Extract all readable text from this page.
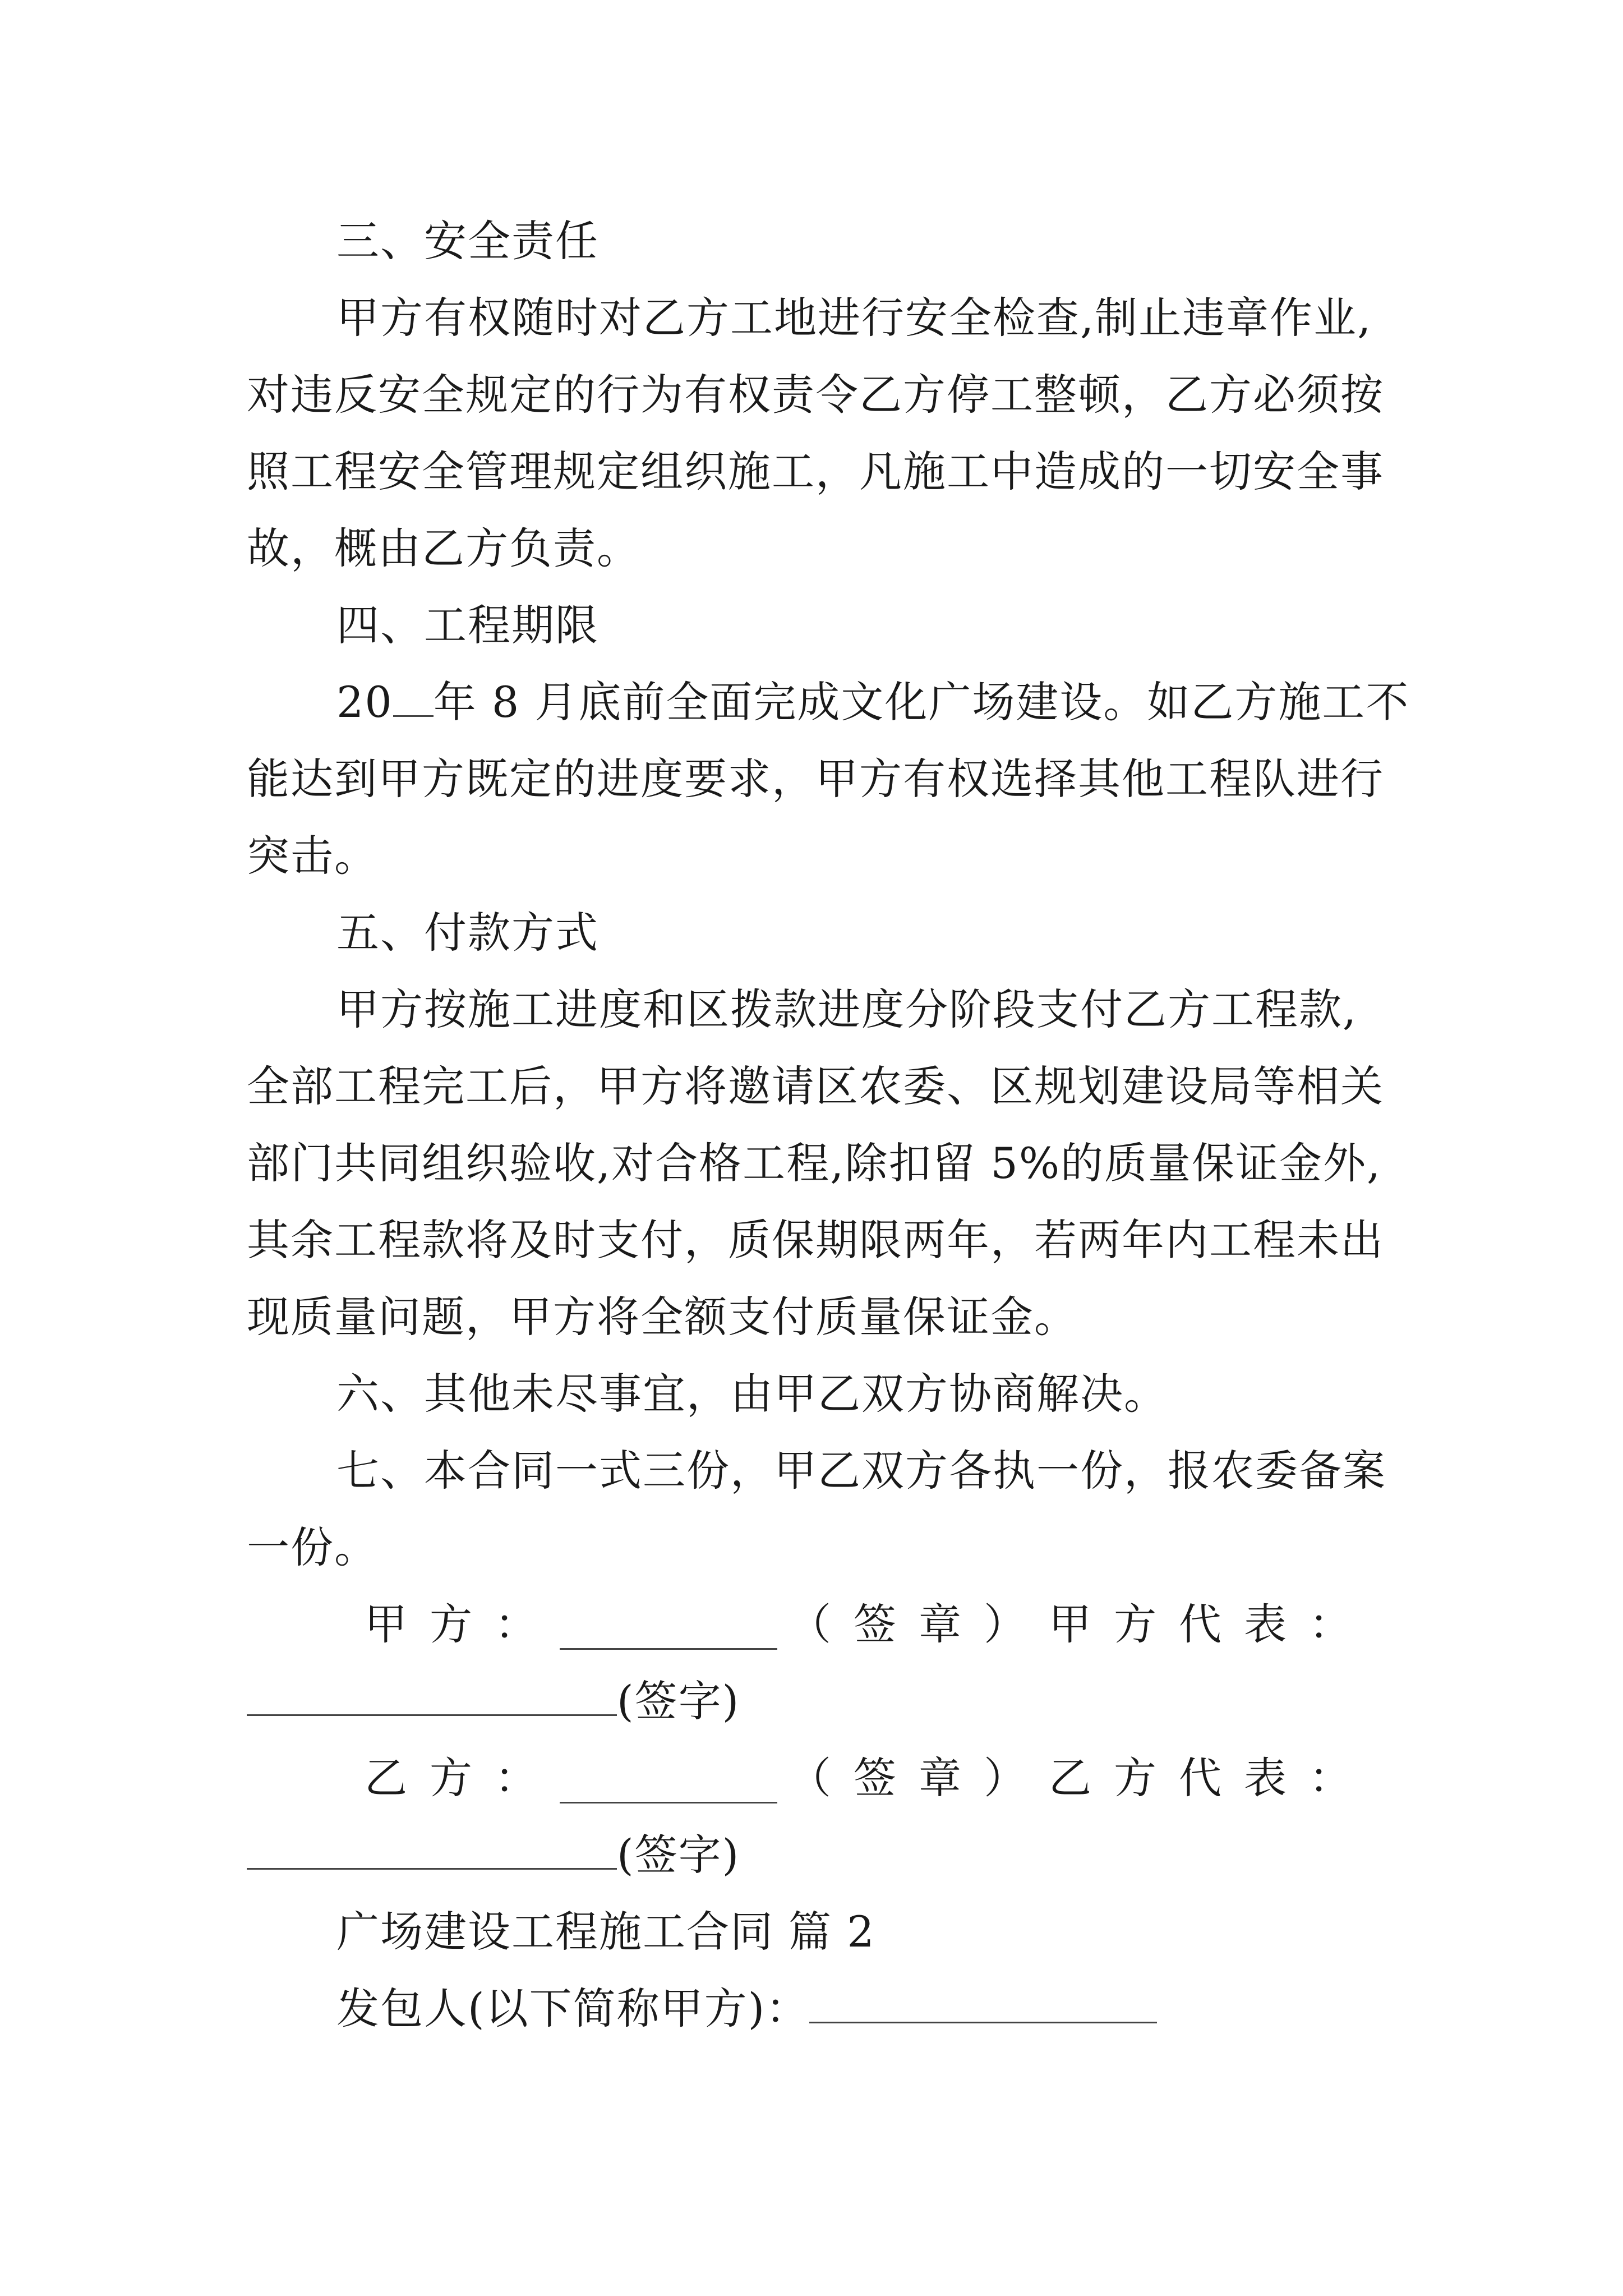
三、安全责任
甲方有权随时对乙方工地进行安全检查,制止违章作业,
对违反安全规定的行为有权责令乙方停工整顿，乙方必须按
照工程安全管理规定组织施工，凡施工中造成的一切安全事
故，概由乙方负责。
四、工程期限
20 年 8 月底前全面完成文化广场建设。如乙方施工不
能达到甲方既定的进度要求，甲方有权选择其他工程队进行
突击。
五、付款方式
甲方按施工进度和区拨款进度分阶段支付乙方工程款,
全部工程完工后，甲方将邀请区农委、区规划建设局等相关
部门共同组织验收,对合格工程,除扣留 5%的质量保证金外,
其余工程款将及时支付，质保期限两年，若两年内工程未出
现质量问题，甲方将全额支付质量保证金。
六、其他未尽事宜，由甲乙双方协商解决。
七、本合同一式三份，甲乙双方各执一份，报农委备案
一份。
甲方：	（签章）甲方代表：
(签字)
乙方：	（签章）乙方代表：
(签字)
广场建设工程施工合同 篇 2
发包人(以下简称甲方)：
